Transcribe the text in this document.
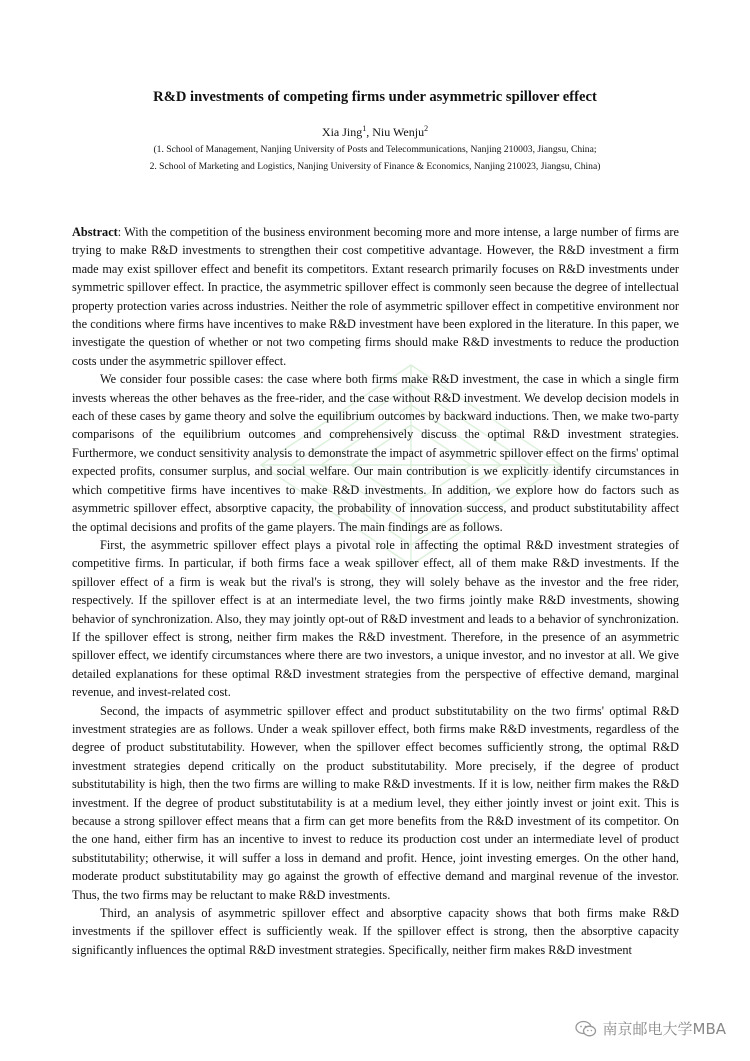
R&D investments of competing firms under asymmetric spillover effect
Xia Jing$^1$, Niu Wenju$^2$
(1. School of Management, Nanjing University of Posts and Telecommunications, Nanjing 210003, Jiangsu, China;
2. School of Marketing and Logistics, Nanjing University of Finance & Economics, Nanjing 210023, Jiangsu, China)

Abstract: With the competition of the business environment becoming more and more intense, a large number of firms are trying to make R&D investments to strengthen their cost competitive advantage. However, the R&D investment a firm made may exist spillover effect and benefit its competitors. Extant research primarily focuses on R&D investments under symmetric spillover effect. In practice, the asymmetric spillover effect is commonly seen because the degree of intellectual property protection varies across industries. Neither the role of asymmetric spillover effect in competitive environment nor the conditions where firms have incentives to make R&D investment have been explored in the literature. In this paper, we investigate the question of whether or not two competing firms should make R&D investments to reduce the production costs under the asymmetric spillover effect.

We consider four possible cases: the case where both firms make R&D investment, the case in which a single firm invests whereas the other behaves as the free-rider, and the case without R&D investment. We develop decision models in each of these cases by game theory and solve the equilibrium outcomes by backward inductions. Then, we make two-party comparisons of the equilibrium outcomes and comprehensively discuss the optimal R&D investment strategies. Furthermore, we conduct sensitivity analysis to demonstrate the impact of asymmetric spillover effect on the firms' optimal expected profits, consumer surplus, and social welfare. Our main contribution is we explicitly identify circumstances in which competitive firms have incentives to make R&D investments. In addition, we explore how do factors such as asymmetric spillover effect, absorptive capacity, the probability of innovation success, and product substitutability affect the optimal decisions and profits of the game players. The main findings are as follows.

First, the asymmetric spillover effect plays a pivotal role in affecting the optimal R&D investment strategies of competitive firms. In particular, if both firms face a weak spillover effect, all of them make R&D investments. If the spillover effect of a firm is weak but the rival's is strong, they will solely behave as the investor and the free rider, respectively. If the spillover effect is at an intermediate level, the two firms jointly make R&D investments, showing behavior of synchronization. Also, they may jointly opt-out of R&D investment and leads to a behavior of synchronization. If the spillover effect is strong, neither firm makes the R&D investment. Therefore, in the presence of an asymmetric spillover effect, we identify circumstances where there are two investors, a unique investor, and no investor at all. We give detailed explanations for these optimal R&D investment strategies from the perspective of effective demand, marginal revenue, and invest-related cost.

Second, the impacts of asymmetric spillover effect and product substitutability on the two firms' optimal R&D investment strategies are as follows. Under a weak spillover effect, both firms make R&D investments, regardless of the degree of product substitutability. However, when the spillover effect becomes sufficiently strong, the optimal R&D investment strategies depend critically on the product substitutability. More precisely, if the degree of product substitutability is high, then the two firms are willing to make R&D investments. If it is low, neither firm makes the R&D investment. If the degree of product substitutability is at a medium level, they either jointly invest or joint exit. This is because a strong spillover effect means that a firm can get more benefits from the R&D investment of its competitor. On the one hand, either firm has an incentive to invest to reduce its production cost under an intermediate level of product substitutability; otherwise, it will suffer a loss in demand and profit. Hence, joint investing emerges. On the other hand, moderate product substitutability may go against the growth of effective demand and marginal revenue of the investor. Thus, the two firms may be reluctant to make R&D investments.

Third, an analysis of asymmetric spillover effect and absorptive capacity shows that both firms make R&D investments if the spillover effect is sufficiently weak. If the spillover effect is strong, then the absorptive capacity significantly influences the optimal R&D investment strategies. Specifically, neither firm makes R&D investment

南京邮电大学MBA
